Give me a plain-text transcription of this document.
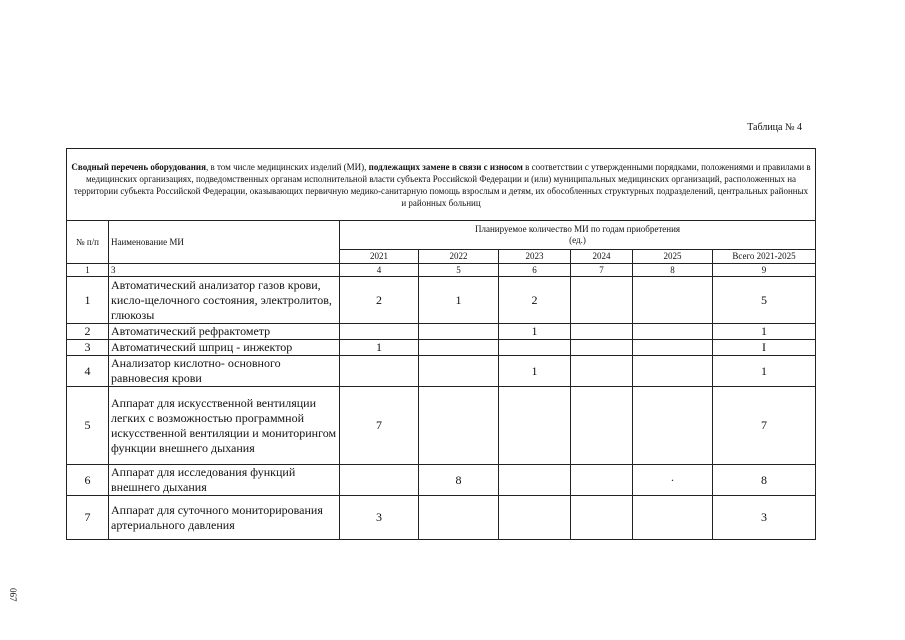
Таблица № 4
Сводный перечень оборудования, в том числе медицинских изделий (МИ), подлежащих замене в связи с износом в соответствии с утвержденными порядками, положениями и правилами в медицинских организациях, подведомственных органам исполнительной власти субъекта Российской Федерации и (или) муниципальных медицинских организаций, расположенных на территории субъекта Российской Федерации, оказывающих первичную медико-санитарную помощь взрослым и детям, их обособленных структурных подразделений, центральных районных и районных больниц							
№ п/п	Наименование МИ	Планируемое количество МИ по годам приобретения
(ед.)					

		2021	2022	2023	2024	2025	Всего 2021-2025
1	3	4	5	6	7	8	9
1	Автоматический анализатор газов крови, кисло-щелочного состояния, электролитов, глюкозы	2	1	2			5
2	Автоматический рефрактометр			1			1
3	Автоматический шприц - инжектор	1					I
4	Анализатор кислотно- основного равновесия крови			1			1
5	Аппарат для искусственной вентиляции легких с возможностью программной искусственной вентиляции и мониторингом функции внешнего дыхания	7					7
6	Аппарат для исследования функций внешнего дыхания		8			·	8
7	Аппарат для суточного мониторирования артериального давления	3					3
067
